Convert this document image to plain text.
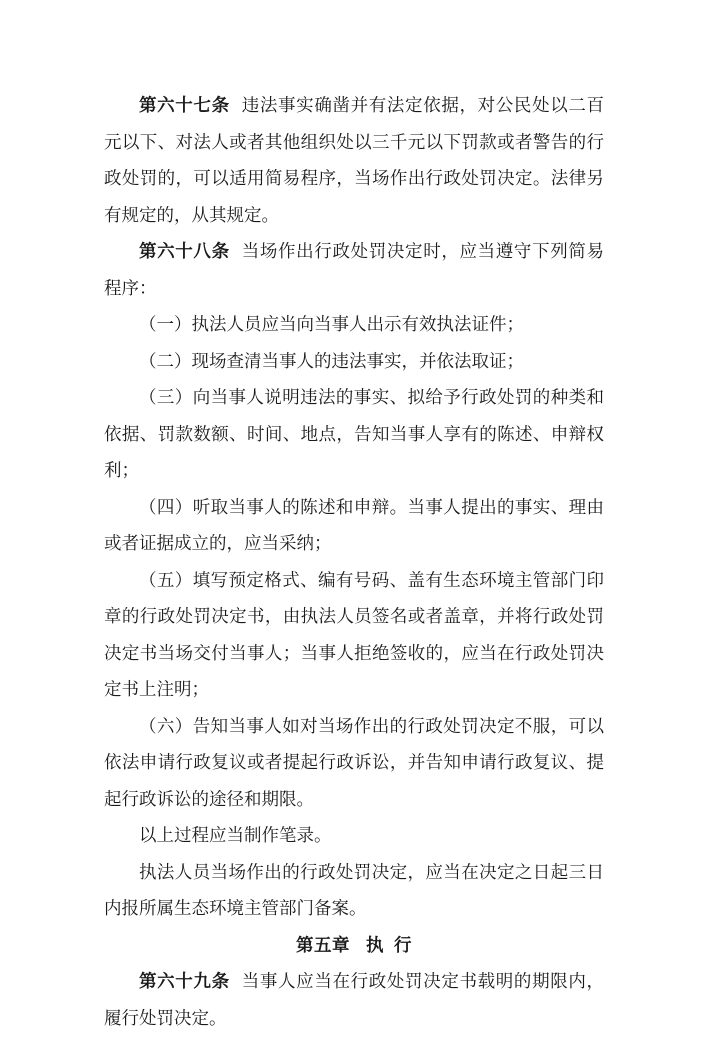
第六十七条 违法事实确凿并有法定依据，对公民处以二百元以下、对法人或者其他组织处以三千元以下罚款或者警告的行政处罚的，可以适用简易程序，当场作出行政处罚决定。法律另有规定的，从其规定。

第六十八条 当场作出行政处罚决定时，应当遵守下列简易程序：

（一）执法人员应当向当事人出示有效执法证件；

（二）现场查清当事人的违法事实，并依法取证；

（三）向当事人说明违法的事实、拟给予行政处罚的种类和依据、罚款数额、时间、地点，告知当事人享有的陈述、申辩权利；

（四）听取当事人的陈述和申辩。当事人提出的事实、理由或者证据成立的，应当采纳；

（五）填写预定格式、编有号码、盖有生态环境主管部门印章的行政处罚决定书，由执法人员签名或者盖章，并将行政处罚决定书当场交付当事人；当事人拒绝签收的，应当在行政处罚决定书上注明；

（六）告知当事人如对当场作出的行政处罚决定不服，可以依法申请行政复议或者提起行政诉讼，并告知申请行政复议、提起行政诉讼的途径和期限。

以上过程应当制作笔录。

执法人员当场作出的行政处罚决定，应当在决定之日起三日内报所属生态环境主管部门备案。

第五章 执 行

第六十九条 当事人应当在行政处罚决定书载明的期限内，履行处罚决定。
